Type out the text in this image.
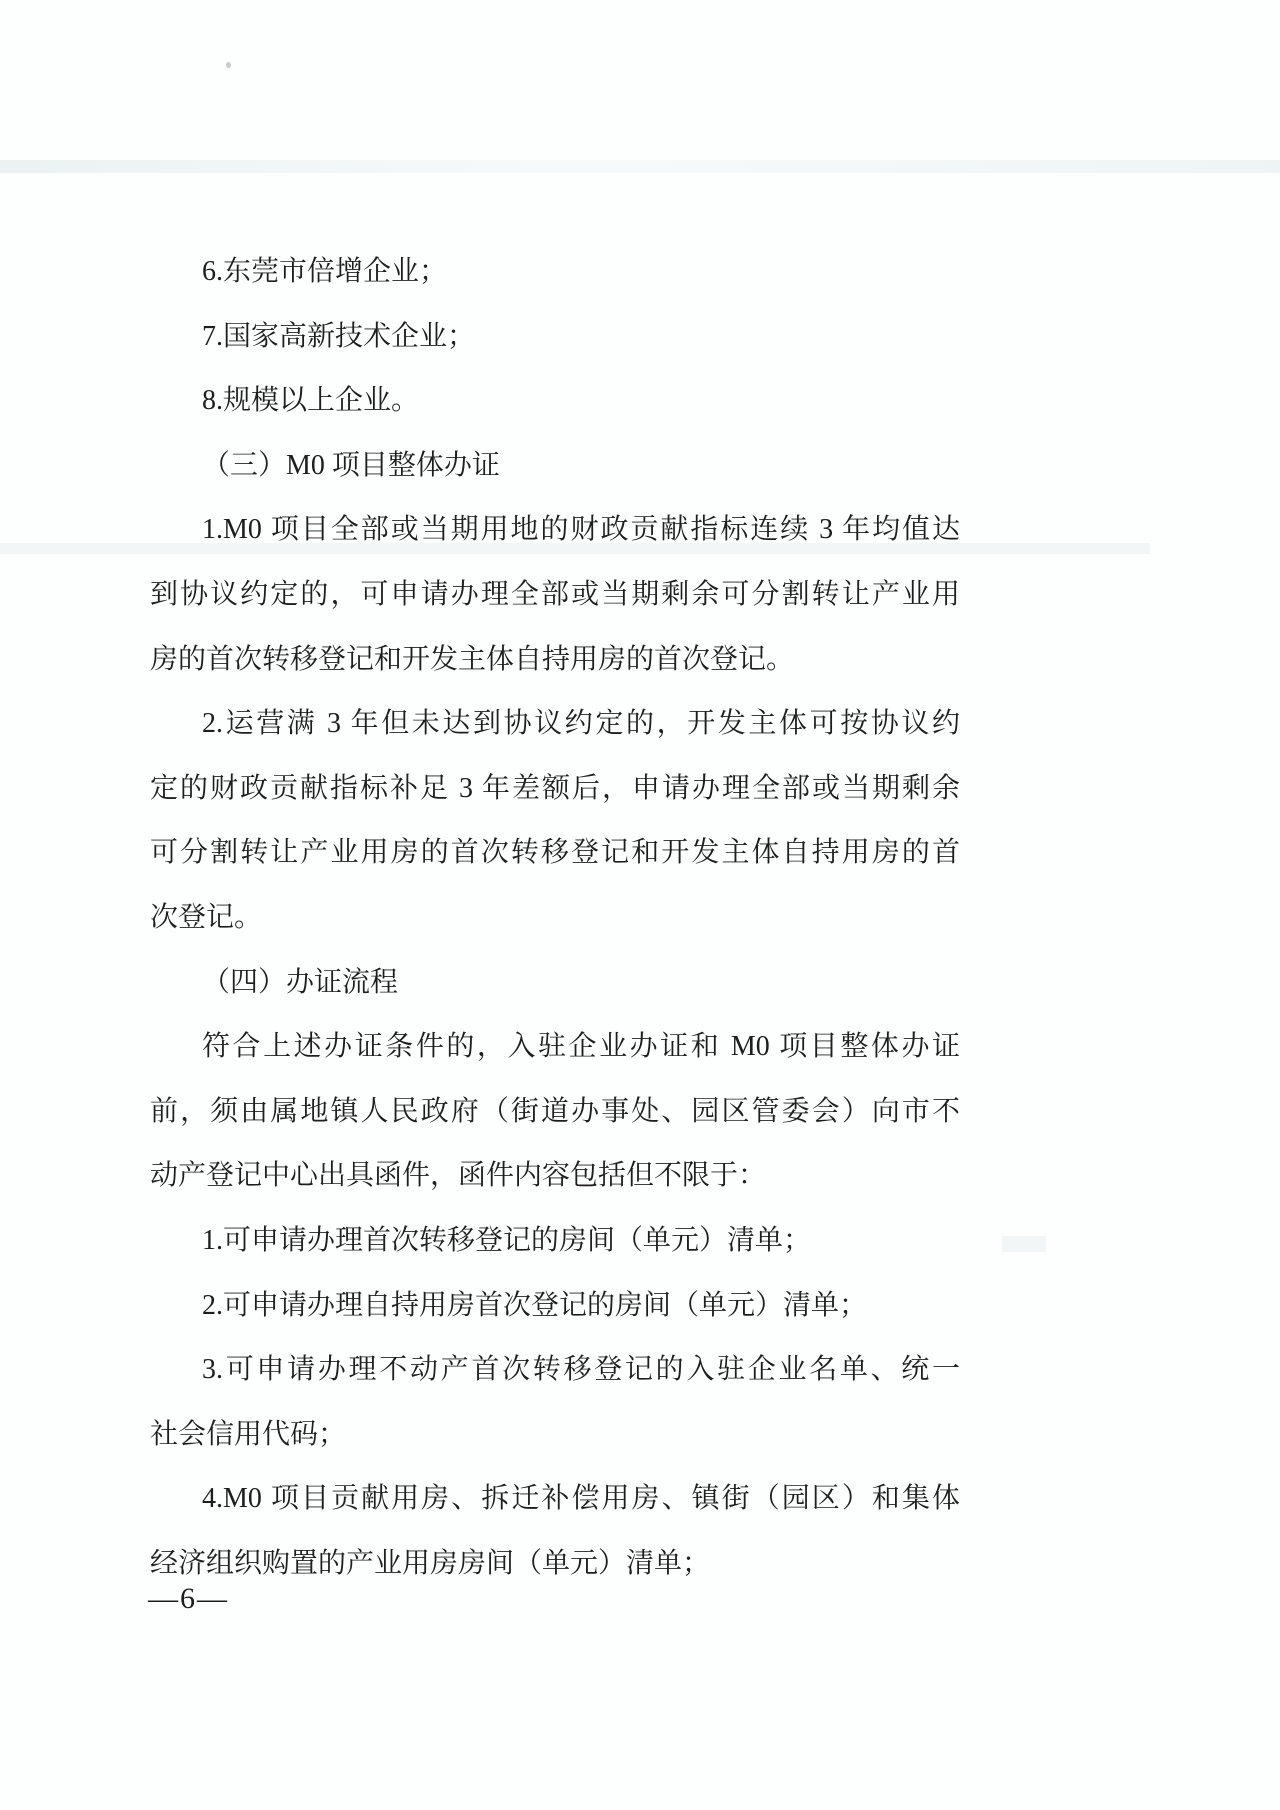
6.东莞市倍增企业；
7.国家高新技术企业；
8.规模以上企业。
（三）M0 项目整体办证
1.M0 项目全部或当期用地的财政贡献指标连续 3 年均值达
到协议约定的，可申请办理全部或当期剩余可分割转让产业用
房的首次转移登记和开发主体自持用房的首次登记。
2.运营满 3 年但未达到协议约定的，开发主体可按协议约
定的财政贡献指标补足 3 年差额后，申请办理全部或当期剩余
可分割转让产业用房的首次转移登记和开发主体自持用房的首
次登记。
（四）办证流程
符合上述办证条件的，入驻企业办证和 M0 项目整体办证
前，须由属地镇人民政府（街道办事处、园区管委会）向市不
动产登记中心出具函件，函件内容包括但不限于：
1.可申请办理首次转移登记的房间（单元）清单；
2.可申请办理自持用房首次登记的房间（单元）清单；
3.可申请办理不动产首次转移登记的入驻企业名单、统一
社会信用代码；
4.M0 项目贡献用房、拆迁补偿用房、镇街（园区）和集体
经济组织购置的产业用房房间（单元）清单；
—6—
